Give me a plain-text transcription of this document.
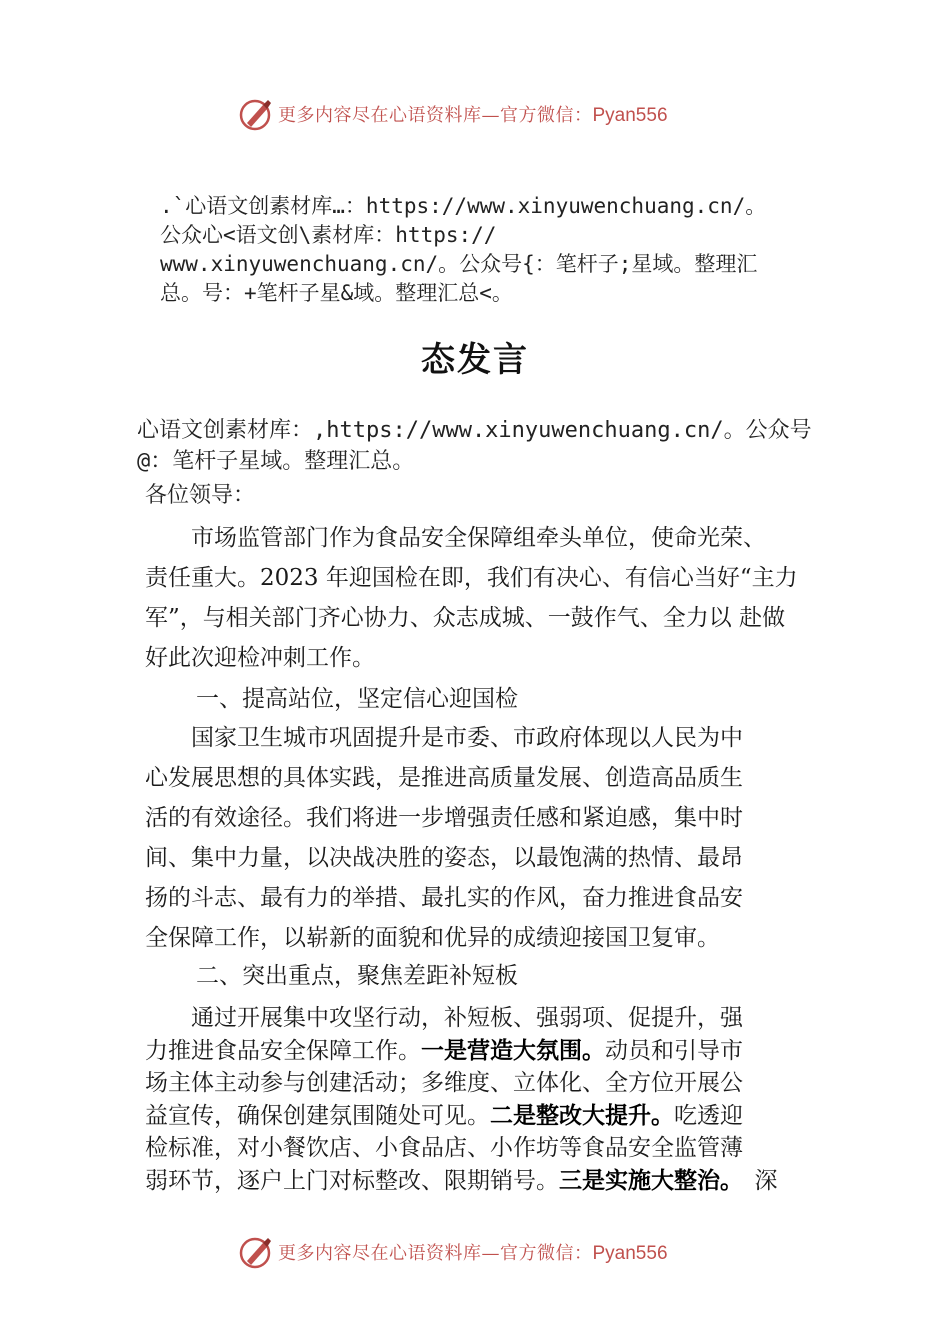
更多内容尽在心语资料库—官方微信：Pyan556
.`心语文创素材库…：https://www.xinyuwenchuang.cn/。
公众心<语文创\素材库：https://
www.xinyuwenchuang.cn/。公众号{：笔杆子;星域。整理汇
总。号：+笔杆子星&域。整理汇总<。
态发言
心语文创素材库：,https://www.xinyuwenchuang.cn/。公众号
@：笔杆子星域。整理汇总。
各位领导：
　　市场监管部门作为食品安全保障组牵头单位，使命光荣、
责任重大。2023 年迎国检在即，我们有决心、有信心当好“主力
军”，与相关部门齐心协力、众志成城、一鼓作气、全力以 赴做
好此次迎检冲刺工作。
一、提高站位，坚定信心迎国检
　　国家卫生城市巩固提升是市委、市政府体现以人民为中
心发展思想的具体实践，是推进高质量发展、创造高品质生
活的有效途径。我们将进一步增强责任感和紧迫感，集中时
间、集中力量，以决战决胜的姿态，以最饱满的热情、最昂
扬的斗志、最有力的举措、最扎实的作风，奋力推进食品安
全保障工作，以崭新的面貌和优异的成绩迎接国卫复审。
二、突出重点，聚焦差距补短板
　　通过开展集中攻坚行动，补短板、强弱项、促提升，强
力推进食品安全保障工作。一是营造大氛围。动员和引导市
场主体主动参与创建活动；多维度、立体化、全方位开展公
益宣传，确保创建氛围随处可见。二是整改大提升。吃透迎
检标准，对小餐饮店、小食品店、小作坊等食品安全监管薄
弱环节，逐户上门对标整改、限期销号。三是实施大整治。　 深
更多内容尽在心语资料库—官方微信：Pyan556
